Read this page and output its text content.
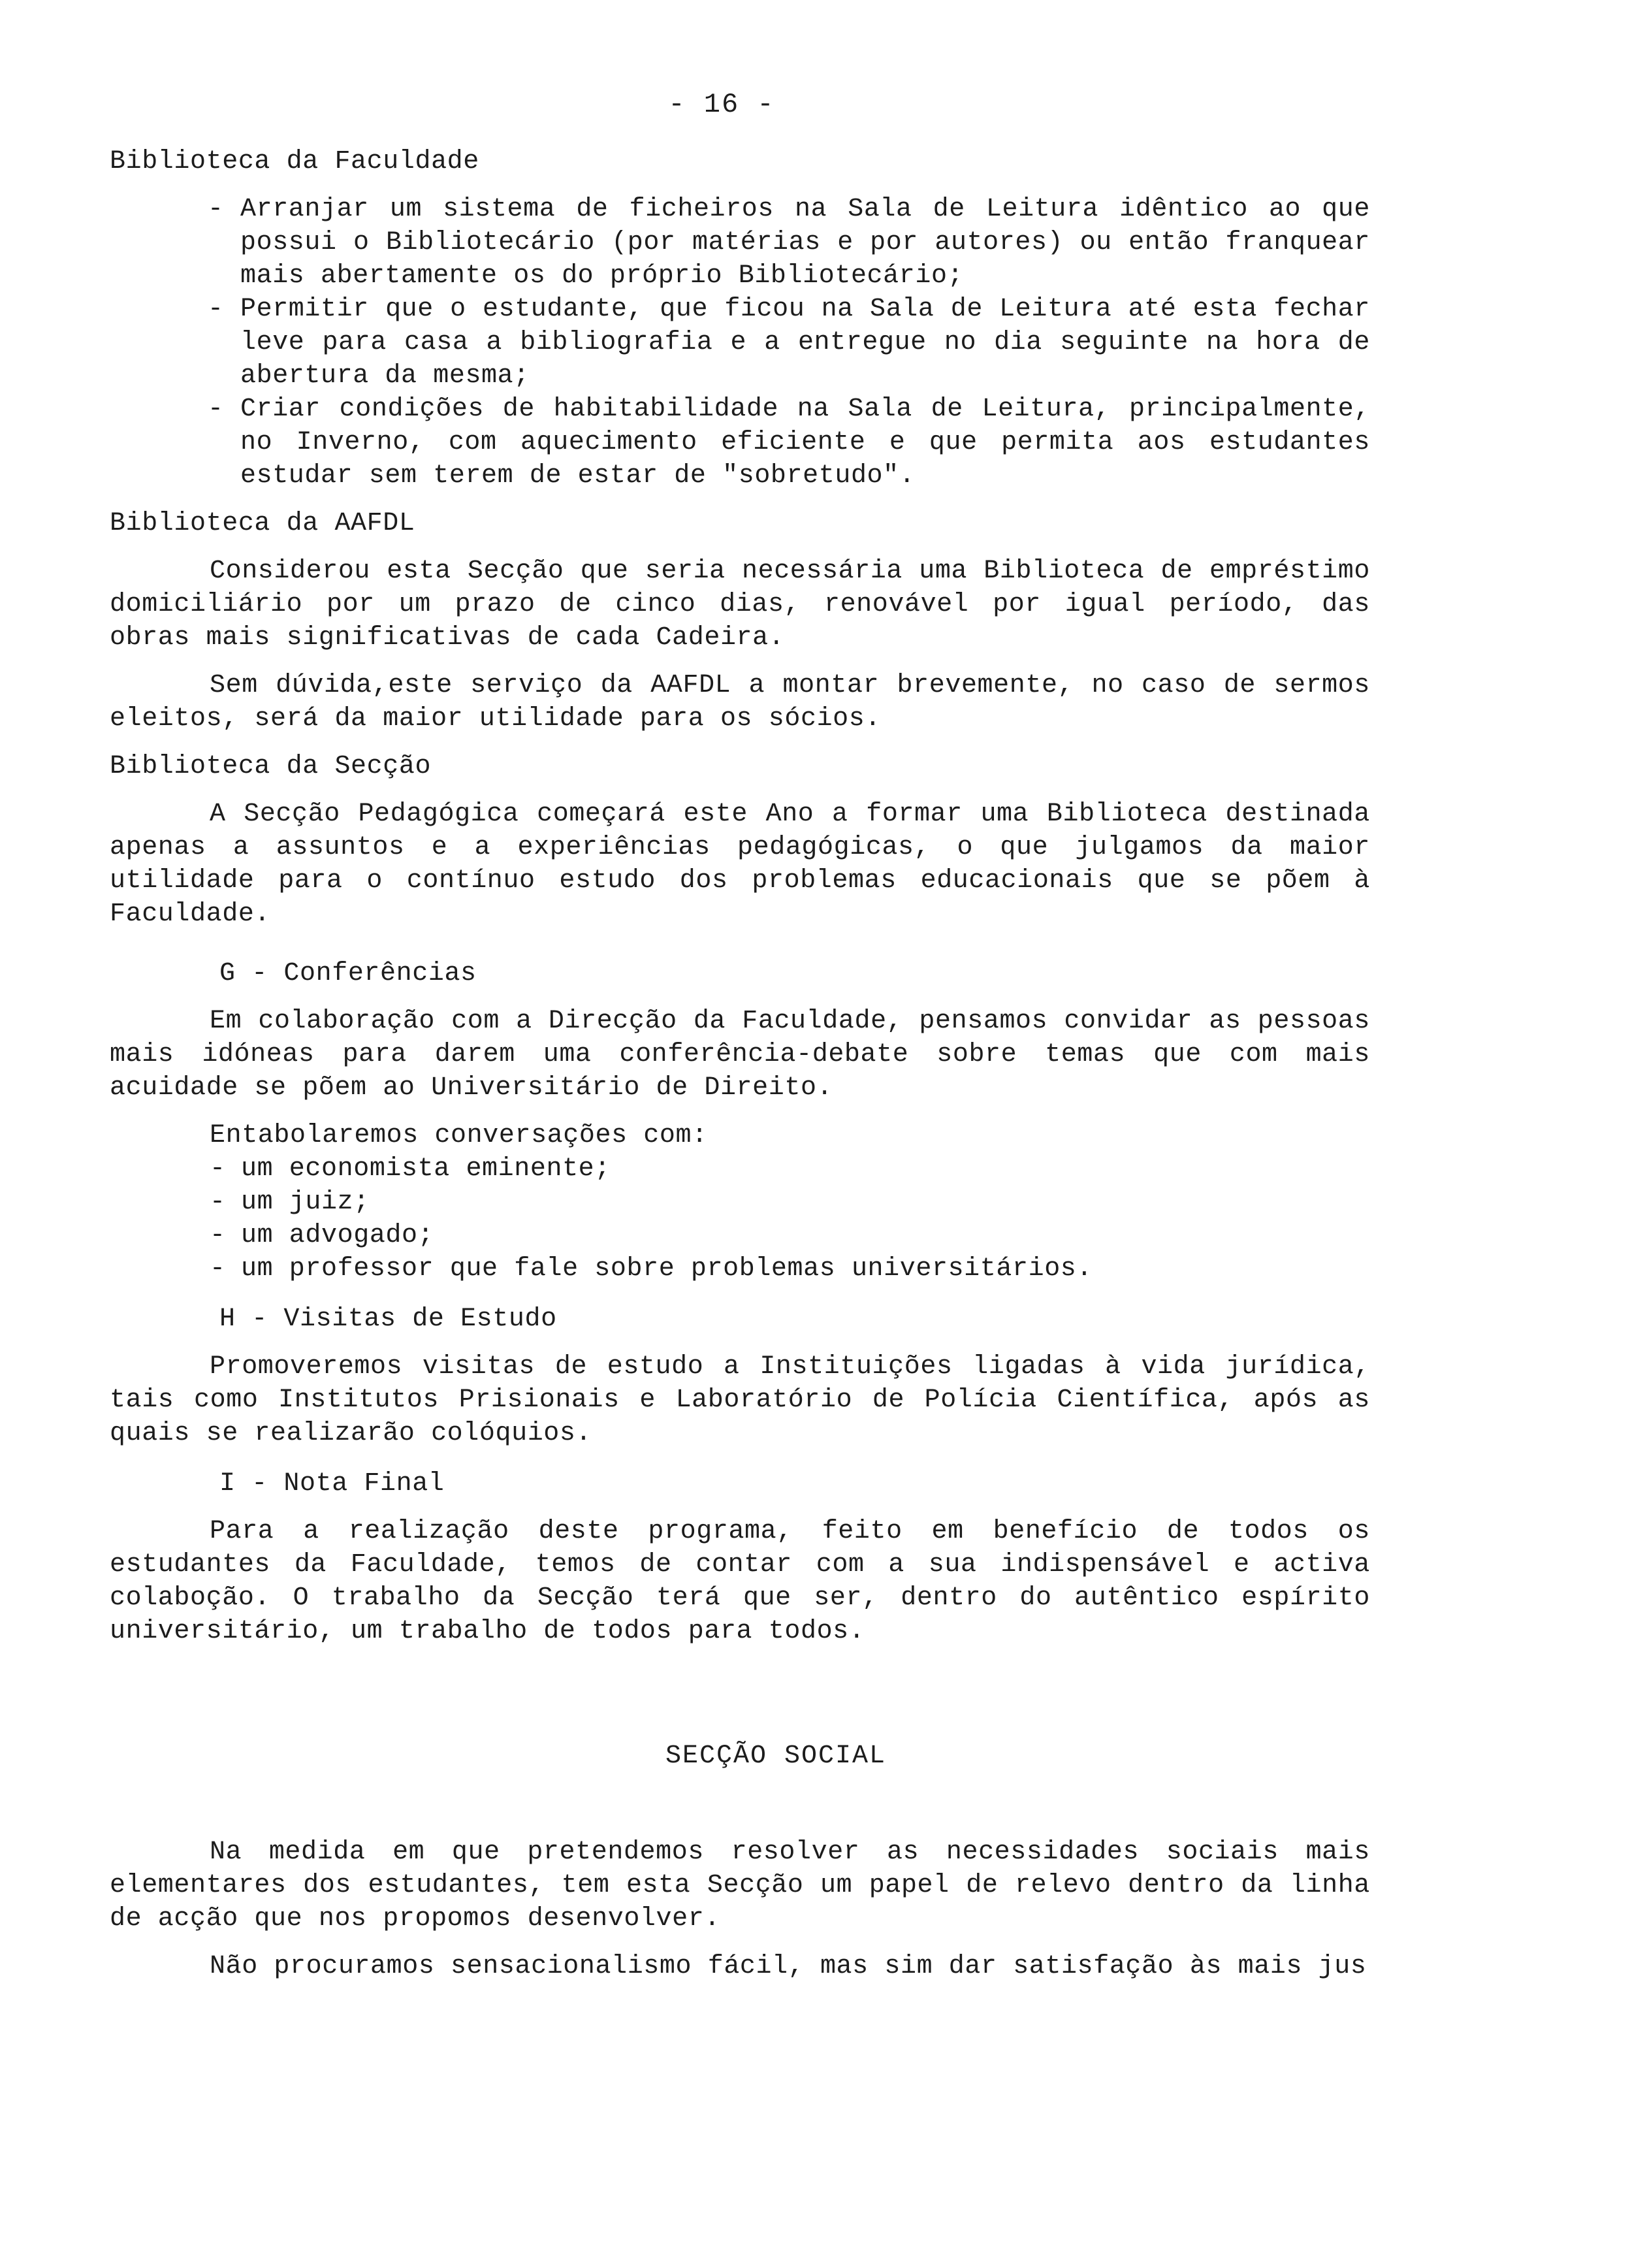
- 16 -
Biblioteca da Faculdade
- Arranjar um sistema de ficheiros na Sala de Leitura idêntico ao que possui o Bibliotecário (por matérias e por autores) ou então franquear mais abertamente os do próprio Bibliotecário;
- Permitir que o estudante, que ficou na Sala de Leitura até esta fechar leve para casa a bibliografia e a entregue no dia seguinte na hora de abertura da mesma;
- Criar condições de habitabilidade na Sala de Leitura, principalmente, no Inverno, com aquecimento eficiente e que permita aos estudantes estudar sem terem de estar de "sobretudo".
Biblioteca da AAFDL

Considerou esta Secção que seria necessária uma Biblioteca de empréstimo domiciliário por um prazo de cinco dias, renovável por igual período, das obras mais significativas de cada Cadeira.

Sem dúvida,este serviço da AAFDL a montar brevemente, no caso de sermos eleitos, será da maior utilidade para os sócios.

Biblioteca da Secção

A Secção Pedagógica começará este Ano a formar uma Biblioteca destinada apenas a assuntos e a experiências pedagógicas, o que julgamos da maior utilidade para o contínuo estudo dos problemas educacionais que se põem à Faculdade.

G - Conferências

Em colaboração com a Direcção da Faculdade, pensamos convidar as pessoas mais idóneas para darem uma conferência-debate sobre temas que com mais acuidade se põem ao Universitário de Direito.

Entabolaremos conversações com:
- um economista eminente;
- um juiz;
- um advogado;
- um professor que fale sobre problemas universitários.
H - Visitas de Estudo

Promoveremos visitas de estudo a Instituições ligadas à vida jurídica, tais como Institutos Prisionais e Laboratório de Polícia Científica, após as quais se realizarão colóquios.

I - Nota Final

Para a realização deste programa, feito em benefício de todos os estudantes da Faculdade, temos de contar com a sua indispensável e activa colaboção. O trabalho da Secção terá que ser, dentro do autêntico espírito universitário, um trabalho de todos para todos.

SECÇÃO SOCIAL

Na medida em que pretendemos resolver as necessidades sociais mais elementares dos estudantes, tem esta Secção um papel de relevo dentro da linha de acção que nos propomos desenvolver.

Não procuramos sensacionalismo fácil, mas sim dar satisfação às mais jus
